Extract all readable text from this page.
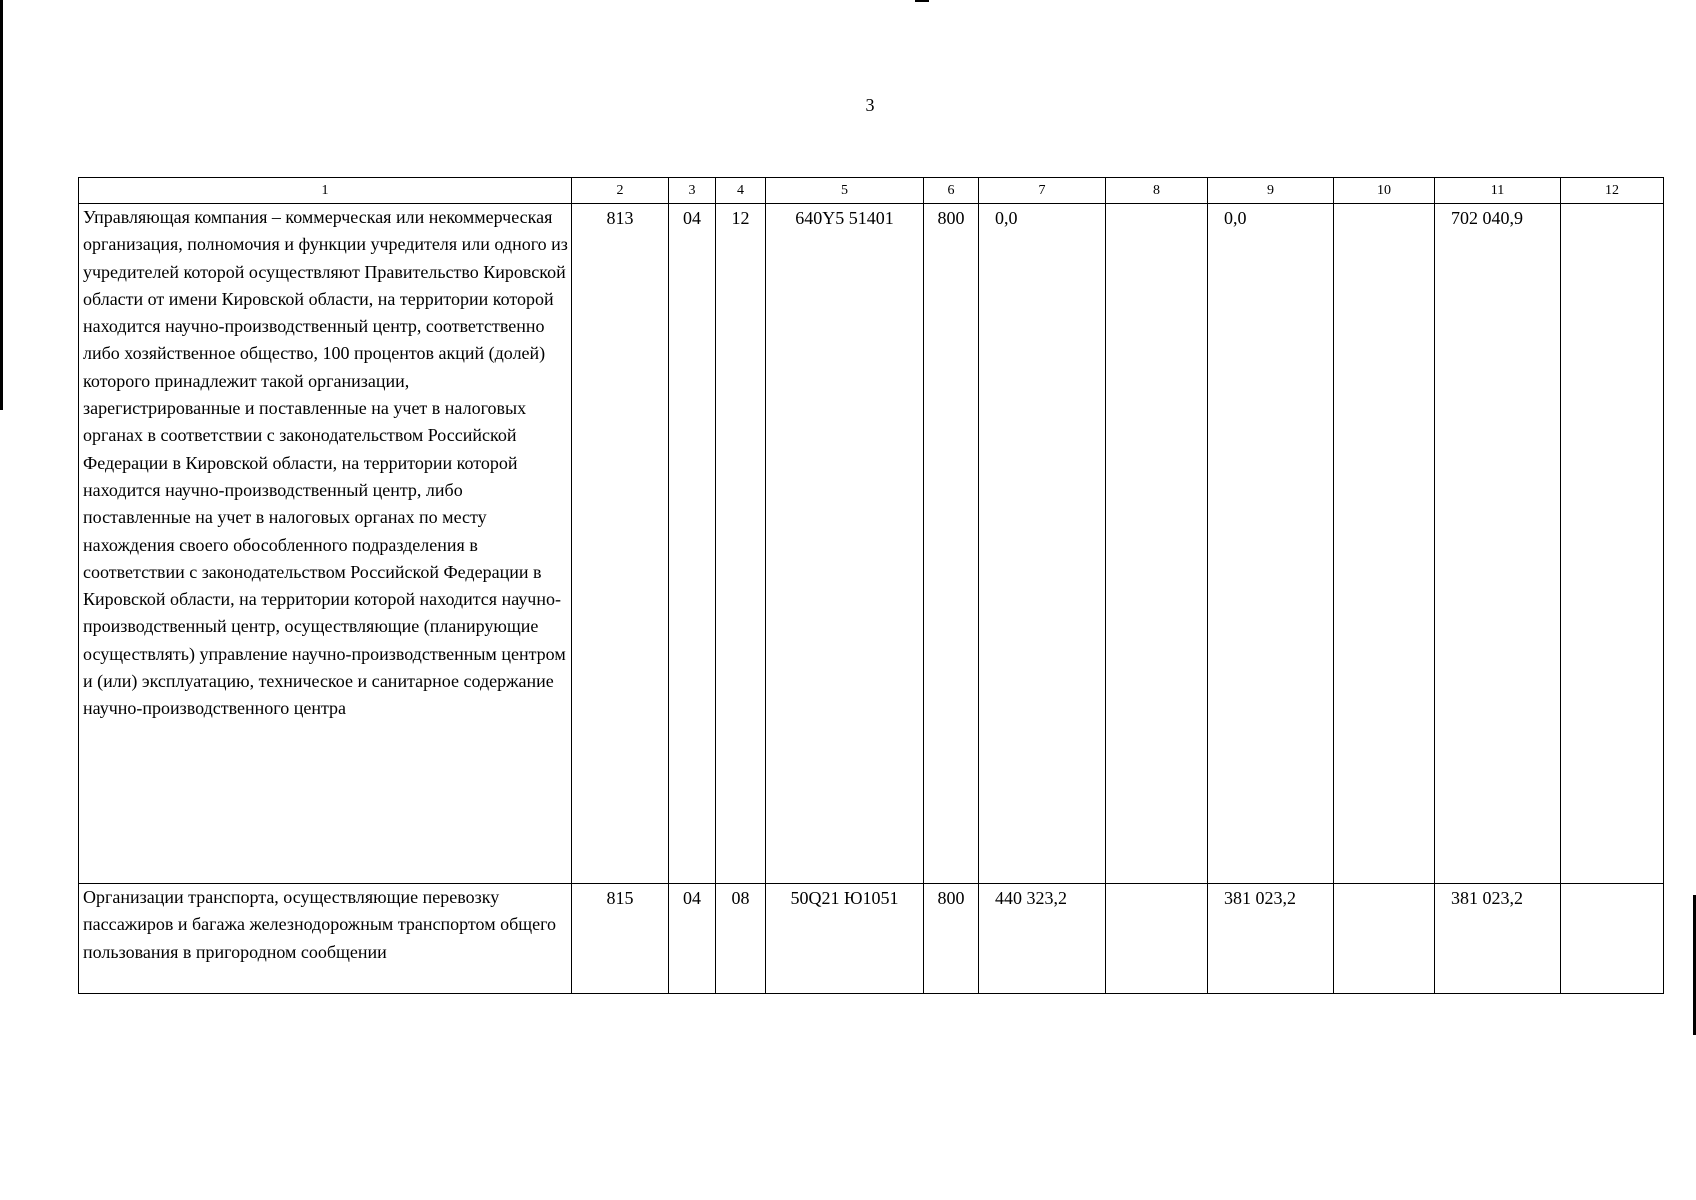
3
1	2	3	4	5	6	7	8	9	10	11	12
Управляющая компания – коммерческая или некоммерческая организация, полномочия и функции учредителя или одного из учредителей которой осуществляют Правительство Кировской области от имени Кировской области, на территории которой находится научно-производственный центр, соответственно либо хозяйственное общество, 100 процентов акций (долей) которого принадлежит такой организации, зарегистрированные и поставленные на учет в налоговых органах в соответствии с законодательством Российской Федерации в Кировской области, на территории которой находится научно-производственный центр, либо поставленные на учет в налоговых органах по месту нахождения своего обособленного подразделения в соответствии с законодательством Российской Федерации в Кировской области, на территории которой находится научно-производственный центр, осуществляющие (планирующие осуществлять) управление научно-производственным центром и (или) эксплуатацию, техническое и санитарное содержание научно-производственного центра	813	04	12	640Y5 51401	800	0,0		0,0		702 040,9	
Организации транспорта, осуществляющие перевозку пассажиров и багажа железнодорожным транспортом общего пользования в пригородном сообщении	815	04	08	50Q21 Ю1051	800	440 323,2		381 023,2		381 023,2	
